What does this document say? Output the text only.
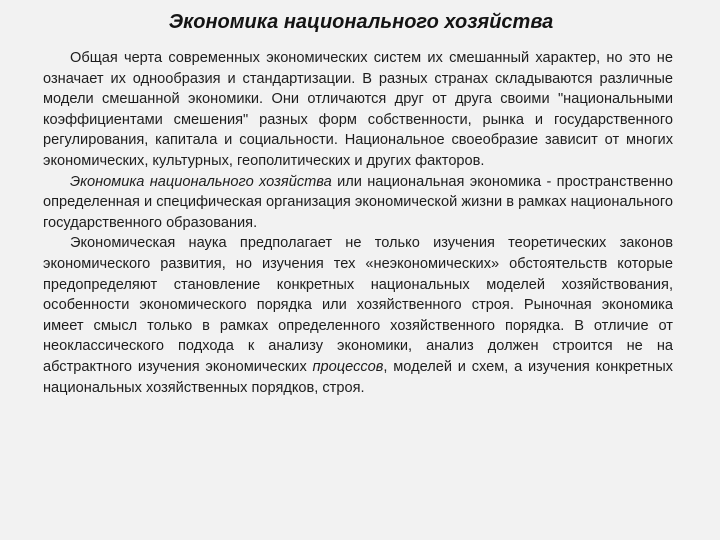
Экономика национального хозяйства

Общая черта современных экономических систем их смешанный характер, но это не означает их однообразия и стандартизации. В разных странах складываются различные модели смешанной экономики. Они отличаются друг от друга своими "национальными коэффициентами смешения" разных форм собственности, рынка и государственного регулирования, капитала и социальности. Национальное своеобразие зависит от многих экономических, культурных, геополитических и других факторов.

Экономика национального хозяйства или национальная экономика - пространственно определенная и специфическая организация экономической жизни в рамках национального государственного образования.

Экономическая наука предполагает не только изучения теоретических законов экономического развития, но изучения тех «неэкономических» обстоятельств которые предопределяют становление конкретных национальных моделей хозяйствования, особенности экономического порядка или хозяйственного строя. Рыночная экономика имеет смысл только в рамках определенного хозяйственного порядка. В отличие от неоклассического подхода к анализу экономики, анализ должен строится не на абстрактного изучения экономических процессов, моделей и схем, а изучения конкретных национальных хозяйственных порядков, строя.
